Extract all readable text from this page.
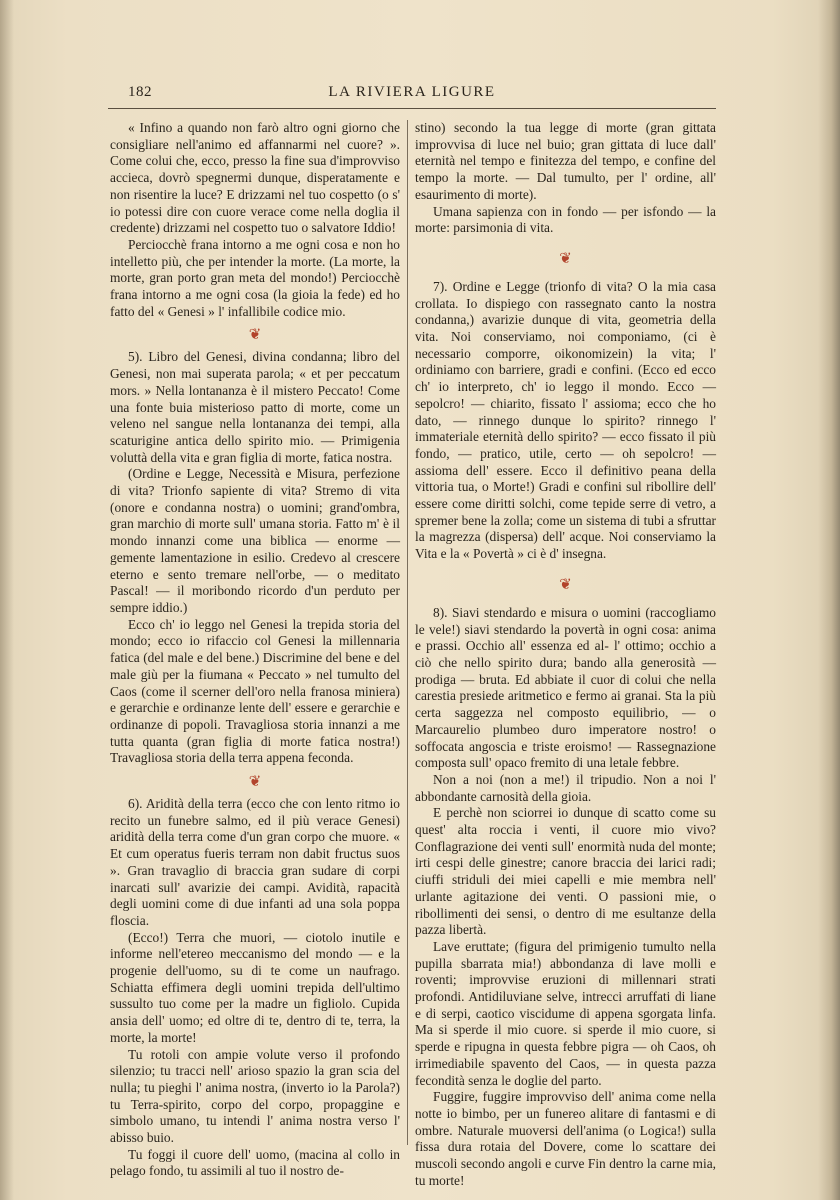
182	LA RIVIERA LIGURE

« Infino a quando non farò altro ogni giorno che consigliare nell'animo ed affannarmi nel cuore? ». Come colui che, ecco, presso la fine sua d'improvviso accieca, dovrò spegnermi dunque, disperatamente e non risentire la luce? E drizzami nel tuo cospetto (o s' io potessi dire con cuore verace come nella doglia il credente) drizzami nel cospetto tuo o salvatore Iddio!

Perciocchè frana intorno a me ogni cosa e non ho intelletto più, che per intender la morte. (La morte, la morte, gran porto gran meta del mondo!) Perciocchè frana intorno a me ogni cosa (la gioia la fede) ed ho fatto del « Genesi » l' infallibile codice mio.

❦

5). Libro del Genesi, divina condanna; libro del Genesi, non mai superata parola; « et per peccatum mors. » Nella lontananza è il mistero Peccato! Come una fonte buia misterioso patto di morte, come un veleno nel sangue nella lontananza dei tempi, alla scaturigine antica dello spirito mio. — Primigenia voluttà della vita e gran figlia di morte, fatica nostra.

(Ordine e Legge, Necessità e Misura, perfezione di vita? Trionfo sapiente di vita? Stremo di vita (onore e condanna nostra) o uomini; grand'ombra, gran marchio di morte sull' umana storia. Fatto m' è il mondo innanzi come una biblica — enorme — gemente lamentazione in esilio. Credevo al crescere eterno e sento tremare nell'orbe, — o meditato Pascal! — il moribondo ricordo d'un perduto per sempre iddio.)

Ecco ch' io leggo nel Genesi la trepida storia del mondo; ecco io rifaccio col Genesi la millennaria fatica (del male e del bene.) Discrimine del bene e del male giù per la fiumana « Peccato » nel tumulto del Caos (come il scerner dell'oro nella franosa miniera) e gerarchie e ordinanze lente dell' essere e gerarchie e ordinanze di popoli. Travagliosa storia innanzi a me tutta quanta (gran figlia di morte fatica nostra!) Travagliosa storia della terra appena feconda.

❦

6). Aridità della terra (ecco che con lento ritmo io recito un funebre salmo, ed il più verace Genesi) aridità della terra come d'un gran corpo che muore. « Et cum operatus fueris terram non dabit fructus suos ». Gran travaglio di braccia gran sudare di corpi inarcati sull' avarizie dei campi. Avidità, rapacità degli uomini come di due infanti ad una sola poppa floscia.

(Ecco!) Terra che muori, — ciotolo inutile e informe nell'etereo meccanismo del mondo — e la progenie dell'uomo, su di te come un naufrago. Schiatta effimera degli uomini trepida dell'ultimo sussulto tuo come per la madre un figliolo. Cupida ansia dell' uomo; ed oltre di te, dentro di te, terra, la morte, la morte!

Tu rotoli con ampie volute verso il profondo silenzio; tu tracci nell' arioso spazio la gran scia del nulla; tu pieghi l' anima nostra, (inverto io la Parola?) tu Terra-spirito, corpo del corpo, propaggine e simbolo umano, tu intendi l' anima nostra verso l' abisso buio.

Tu foggi il cuore dell' uomo, (macina al collo in pelago fondo, tu assimili al tuo il nostro de-

stino) secondo la tua legge di morte (gran gittata improvvisa di luce nel buio; gran gittata di luce dall' eternità nel tempo e finitezza del tempo, e confine del tempo la morte. — Dal tumulto, per l' ordine, all' esaurimento di morte).

Umana sapienza con in fondo — per isfondo — la morte: parsimonia di vita.

❦

7). Ordine e Legge (trionfo di vita? O la mia casa crollata. Io dispiego con rassegnato canto la nostra condanna,) avarizie dunque di vita, geometria della vita. Noi conserviamo, noi componiamo, (ci è necessario comporre, oikonomizein) la vita; l' ordiniamo con barriere, gradi e confini. (Ecco ed ecco ch' io interpreto, ch' io leggo il mondo. Ecco — sepolcro! — chiarito, fissato l' assioma; ecco che ho dato, — rinnego dunque lo spirito? rinnego l' immateriale eternità dello spirito? — ecco fissato il più fondo, — pratico, utile, certo — oh sepolcro! — assioma dell' essere. Ecco il definitivo peana della vittoria tua, o Morte!) Gradi e confini sul ribollire dell' essere come diritti solchi, come tepide serre di vetro, a spremer bene la zolla; come un sistema di tubi a sfruttar la magrezza (dispersa) dell' acque. Noi conserviamo la Vita e la « Povertà » ci è d' insegna.

❦

8). Siavi stendardo e misura o uomini (raccogliamo le vele!) siavi stendardo la povertà in ogni cosa: anima e prassi. Occhio all' essenza ed al- l' ottimo; occhio a ciò che nello spirito dura; bando alla generosità — prodiga — bruta. Ed abbiate il cuor di colui che nella carestia presiede aritmetico e fermo ai granai. Sta la più certa saggezza nel composto equilibrio, — o Marcaurelio plumbeo duro imperatore nostro! o soffocata angoscia e triste eroismo! — Rassegnazione composta sull' opaco fremito di una letale febbre.

Non a noi (non a me!) il tripudio. Non a noi l' abbondante carnosità della gioia.

E perchè non sciorrei io dunque di scatto come su quest' alta roccia i venti, il cuore mio vivo? Conflagrazione dei venti sull' enormità nuda del monte; irti cespi delle ginestre; canore braccia dei larici radi; ciuffi striduli dei miei capelli e mie membra nell' urlante agitazione dei venti. O passioni mie, o ribollimenti dei sensi, o dentro di me esultanze della pazza libertà.

Lave eruttate; (figura del primigenio tumulto nella pupilla sbarrata mia!) abbondanza di lave molli e roventi; improvvise eruzioni di millennari strati profondi. Antidiluviane selve, intrecci arruffati di liane e di serpi, caotico viscidume di appena sgorgata linfa. Ma si sperde il mio cuore. si sperde il mio cuore, si sperde e ripugna in questa febbre pigra — oh Caos, oh irrimediabile spavento del Caos, — in questa pazza fecondità senza le doglie del parto.

Fuggire, fuggire improvviso dell' anima come nella notte io bimbo, per un funereo alitare di fantasmi e di ombre. Naturale muoversi dell'anima (o Logica!) sulla fissa dura rotaia del Dovere, come lo scattare dei muscoli secondo angoli e curve Fin dentro la carne mia, tu morte!
